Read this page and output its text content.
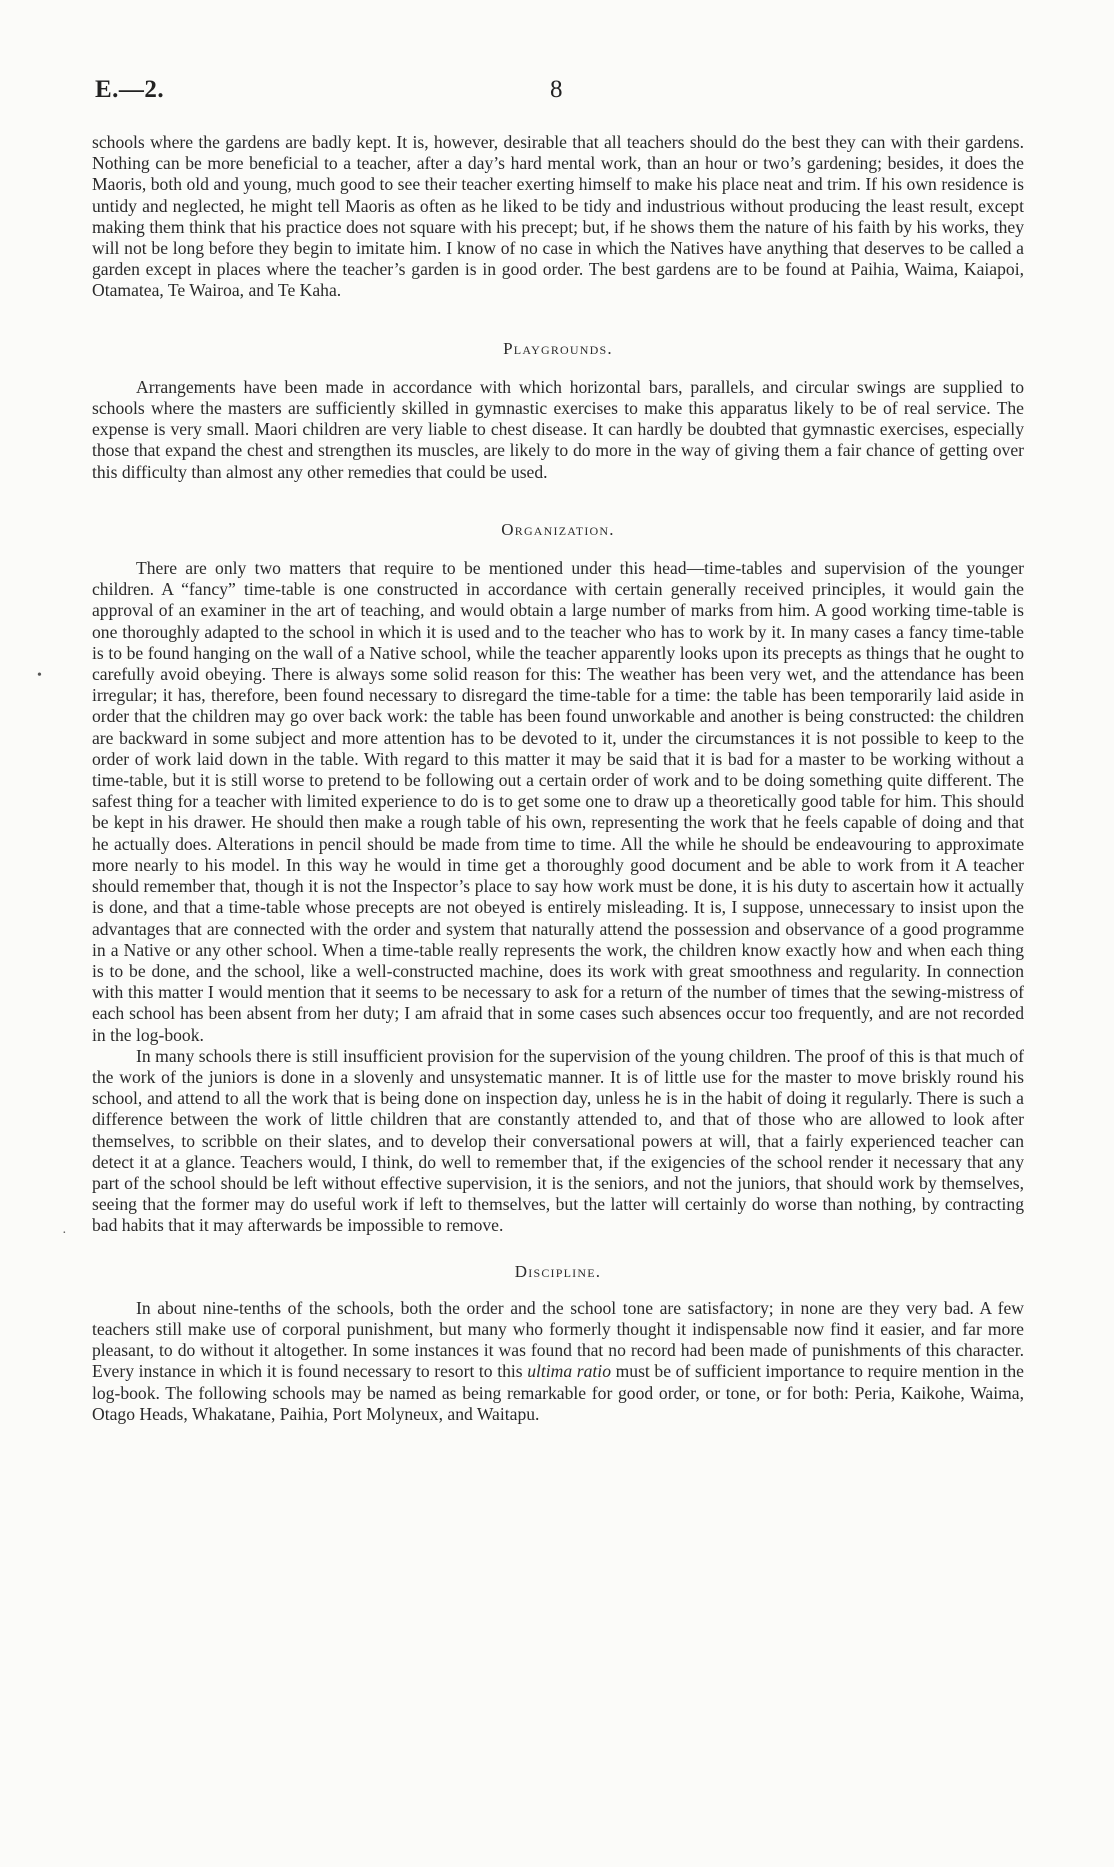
E.—2.	8
•
·

schools where the gardens are badly kept. It is, however, desirable that all teachers should do the best they can with their gardens. Nothing can be more beneficial to a teacher, after a day’s hard mental work, than an hour or two’s gardening; besides, it does the Maoris, both old and young, much good to see their teacher exerting himself to make his place neat and trim. If his own residence is untidy and neglected, he might tell Maoris as often as he liked to be tidy and industrious without producing the least result, except making them think that his practice does not square with his precept; but, if he shows them the nature of his faith by his works, they will not be long before they begin to imitate him. I know of no case in which the Natives have anything that deserves to be called a garden except in places where the teacher’s garden is in good order. The best gardens are to be found at Paihia, Waima, Kaiapoi, Otamatea, Te Wairoa, and Te Kaha.

Playgrounds.

Arrangements have been made in accordance with which horizontal bars, parallels, and circular swings are supplied to schools where the masters are sufficiently skilled in gymnastic exercises to make this apparatus likely to be of real service. The expense is very small. Maori children are very liable to chest disease. It can hardly be doubted that gymnastic exercises, especially those that expand the chest and strengthen its muscles, are likely to do more in the way of giving them a fair chance of getting over this difficulty than almost any other remedies that could be used.

Organization.

There are only two matters that require to be mentioned under this head—time-tables and supervision of the younger children. A “fancy” time-table is one constructed in accordance with certain generally received principles, it would gain the approval of an examiner in the art of teaching, and would obtain a large number of marks from him. A good working time-table is one thoroughly adapted to the school in which it is used and to the teacher who has to work by it. In many cases a fancy time-table is to be found hanging on the wall of a Native school, while the teacher apparently looks upon its precepts as things that he ought to carefully avoid obeying. There is always some solid reason for this: The weather has been very wet, and the attendance has been irregular; it has, therefore, been found necessary to disregard the time-table for a time: the table has been temporarily laid aside in order that the children may go over back work: the table has been found unworkable and another is being constructed: the children are backward in some subject and more attention has to be devoted to it, under the circumstances it is not possible to keep to the order of work laid down in the table. With regard to this matter it may be said that it is bad for a master to be working without a time-table, but it is still worse to pretend to be following out a certain order of work and to be doing something quite different. The safest thing for a teacher with limited experience to do is to get some one to draw up a theoretically good table for him. This should be kept in his drawer. He should then make a rough table of his own, representing the work that he feels capable of doing and that he actually does. Alterations in pencil should be made from time to time. All the while he should be endeavouring to approximate more nearly to his model. In this way he would in time get a thoroughly good document and be able to work from it A teacher should remember that, though it is not the Inspector’s place to say how work must be done, it is his duty to ascertain how it actually is done, and that a time-table whose precepts are not obeyed is entirely misleading. It is, I suppose, unnecessary to insist upon the advantages that are connected with the order and system that naturally attend the possession and observance of a good programme in a Native or any other school. When a time-table really represents the work, the children know exactly how and when each thing is to be done, and the school, like a well-constructed machine, does its work with great smoothness and regularity. In connection with this matter I would mention that it seems to be necessary to ask for a return of the number of times that the sewing-mistress of each school has been absent from her duty; I am afraid that in some cases such absences occur too frequently, and are not recorded in the log-book.

In many schools there is still insufficient provision for the supervision of the young children. The proof of this is that much of the work of the juniors is done in a slovenly and unsystematic manner. It is of little use for the master to move briskly round his school, and attend to all the work that is being done on inspection day, unless he is in the habit of doing it regularly. There is such a difference between the work of little children that are constantly attended to, and that of those who are allowed to look after themselves, to scribble on their slates, and to develop their conversational powers at will, that a fairly experienced teacher can detect it at a glance. Teachers would, I think, do well to remember that, if the exigencies of the school render it necessary that any part of the school should be left without effective supervision, it is the seniors, and not the juniors, that should work by themselves, seeing that the former may do useful work if left to themselves, but the latter will certainly do worse than nothing, by contracting bad habits that it may afterwards be impossible to remove.

Discipline.

In about nine-tenths of the schools, both the order and the school tone are satisfactory; in none are they very bad. A few teachers still make use of corporal punishment, but many who formerly thought it indispensable now find it easier, and far more pleasant, to do without it altogether. In some instances it was found that no record had been made of punishments of this character. Every instance in which it is found necessary to resort to this ultima ratio must be of sufficient importance to require mention in the log-book. The following schools may be named as being remarkable for good order, or tone, or for both: Peria, Kaikohe, Waima, Otago Heads, Whakatane, Paihia, Port Molyneux, and Waitapu.
